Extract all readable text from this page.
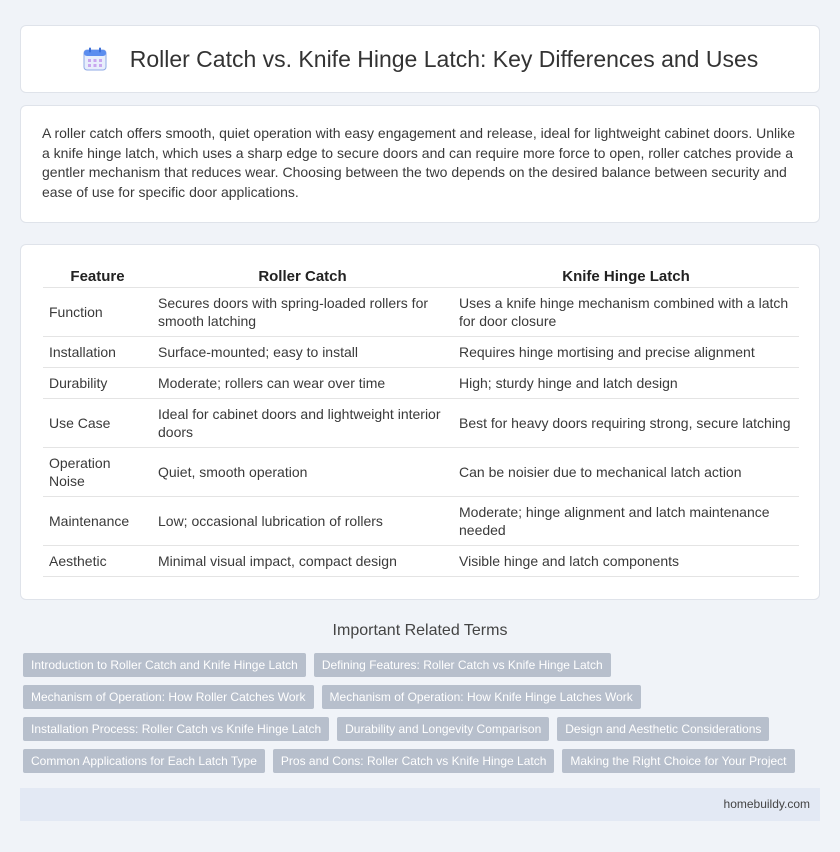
Roller Catch vs. Knife Hinge Latch: Key Differences and Uses

A roller catch offers smooth, quiet operation with easy engagement and release, ideal for lightweight cabinet doors. Unlike a knife hinge latch, which uses a sharp edge to secure doors and can require more force to open, roller catches provide a gentler mechanism that reduces wear. Choosing between the two depends on the desired balance between security and ease of use for specific door applications.

Feature	Roller Catch	Knife Hinge Latch
Function	Secures doors with spring-loaded rollers for smooth latching	Uses a knife hinge mechanism combined with a latch for door closure
Installation	Surface-mounted; easy to install	Requires hinge mortising and precise alignment
Durability	Moderate; rollers can wear over time	High; sturdy hinge and latch design
Use Case	Ideal for cabinet doors and lightweight interior doors	Best for heavy doors requiring strong, secure latching
Operation Noise	Quiet, smooth operation	Can be noisier due to mechanical latch action
Maintenance	Low; occasional lubrication of rollers	Moderate; hinge alignment and latch maintenance needed
Aesthetic	Minimal visual impact, compact design	Visible hinge and latch components
Important Related Terms
Introduction to Roller Catch and Knife Hinge Latch	Defining Features: Roller Catch vs Knife Hinge Latch
Mechanism of Operation: How Roller Catches Work	Mechanism of Operation: How Knife Hinge Latches Work
Installation Process: Roller Catch vs Knife Hinge Latch	Durability and Longevity Comparison	Design and Aesthetic Considerations
Common Applications for Each Latch Type	Pros and Cons: Roller Catch vs Knife Hinge Latch	Making the Right Choice for Your Project
homebuildy.com
